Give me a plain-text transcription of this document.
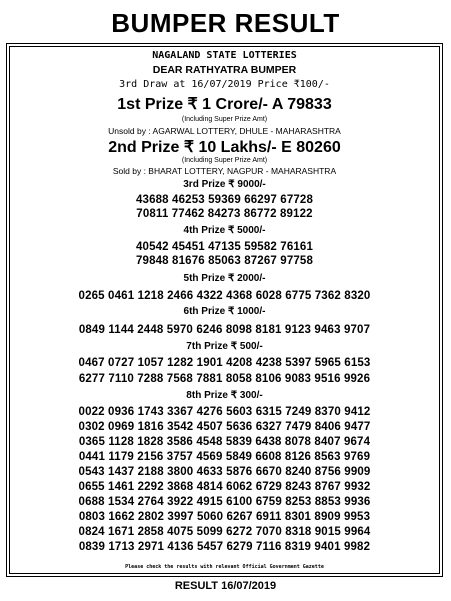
BUMPER RESULT
NAGALAND STATE LOTTERIES
DEAR RATHYATRA BUMPER
3rd Draw at 16/07/2019 Price ₹100/-
1st Prize ₹ 1 Crore/- A 79833
(Including Super Prize Amt)
Unsold by : AGARWAL LOTTERY, DHULE - MAHARASHTRA
2nd Prize ₹ 10 Lakhs/- E 80260
(Including Super Prize Amt)
Sold by : BHARAT LOTTERY, NAGPUR - MAHARASHTRA
3rd Prize ₹ 9000/-
43688 46253 59369 66297 67728
70811 77462 84273 86772 89122
4th Prize ₹ 5000/-
40542 45451 47135 59582 76161
79848 81676 85063 87267 97758
5th Prize ₹ 2000/-
0265 0461 1218 2466 4322 4368 6028 6775 7362 8320
6th Prize ₹ 1000/-
0849 1144 2448 5970 6246 8098 8181 9123 9463 9707
7th Prize ₹ 500/-
0467 0727 1057 1282 1901 4208 4238 5397 5965 6153
6277 7110 7288 7568 7881 8058 8106 9083 9516 9926
8th Prize ₹ 300/-
0022 0936 1743 3367 4276 5603 6315 7249 8370 9412
0302 0969 1816 3542 4507 5636 6327 7479 8406 9477
0365 1128 1828 3586 4548 5839 6438 8078 8407 9674
0441 1179 2156 3757 4569 5849 6608 8126 8563 9769
0543 1437 2188 3800 4633 5876 6670 8240 8756 9909
0655 1461 2292 3868 4814 6062 6729 8243 8767 9932
0688 1534 2764 3922 4915 6100 6759 8253 8853 9936
0803 1662 2802 3997 5060 6267 6911 8301 8909 9953
0824 1671 2858 4075 5099 6272 7070 8318 9015 9964
0839 1713 2971 4136 5457 6279 7116 8319 9401 9982
Please check the results with relevant Official Government Gazette
RESULT 16/07/2019
